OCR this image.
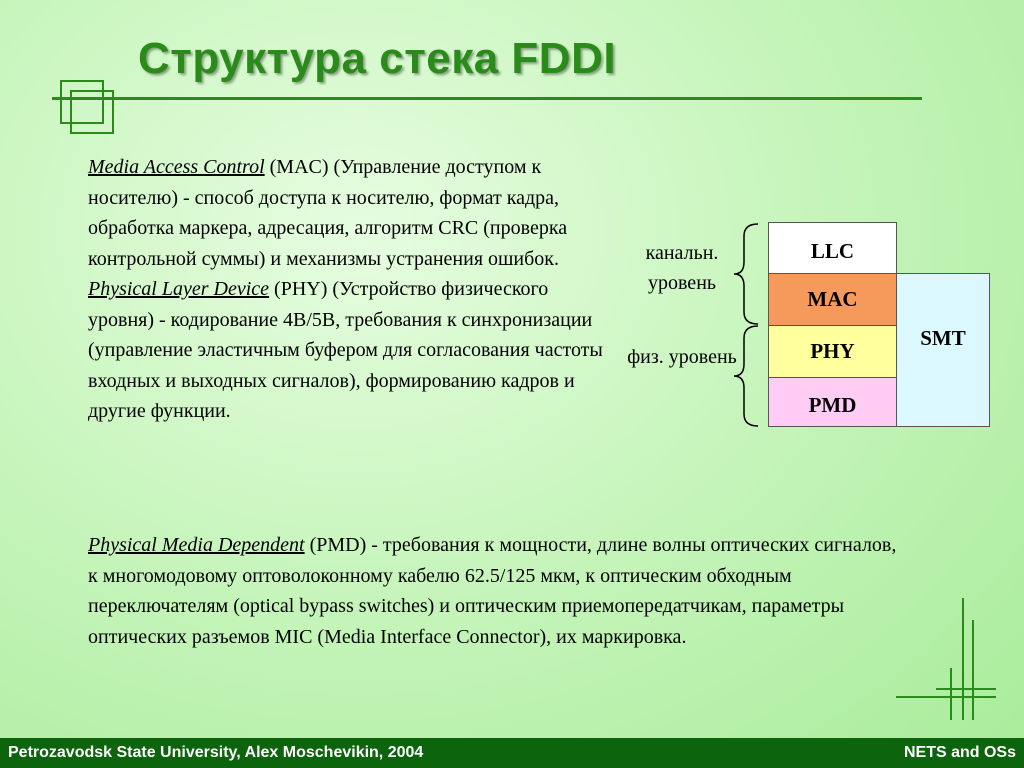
Структура стека FDDI
Media Access Control (MAC) (Управление доступом к носителю) - способ доступа к носителю, формат кадра, обработка маркера, адресация, алгоритм CRC (проверка контрольной суммы) и механизмы устранения ошибок.
Physical Layer Device (PHY) (Устройство физического уровня) - кодирование 4B/5B, требования к синхронизации (управление эластичным буфером для согласования частоты входных и выходных сигналов), формированию кадров и другие функции.
Physical Media Dependent (PMD) - требования к мощности, длине волны оптических сигналов, к многомодовому оптоволоконному кабелю 62.5/125 мкм, к оптическим обходным переключателям (optical bypass switches) и оптическим приемопередатчикам, параметры оптических разъемов MIC (Media Interface Connector), их маркировка.
канальн. уровень
физ. уровень
LLC
MAC
PHY
PMD
SMT
Petrozavodsk State University, Alex Moschevikin, 2004	NETS and OSs
